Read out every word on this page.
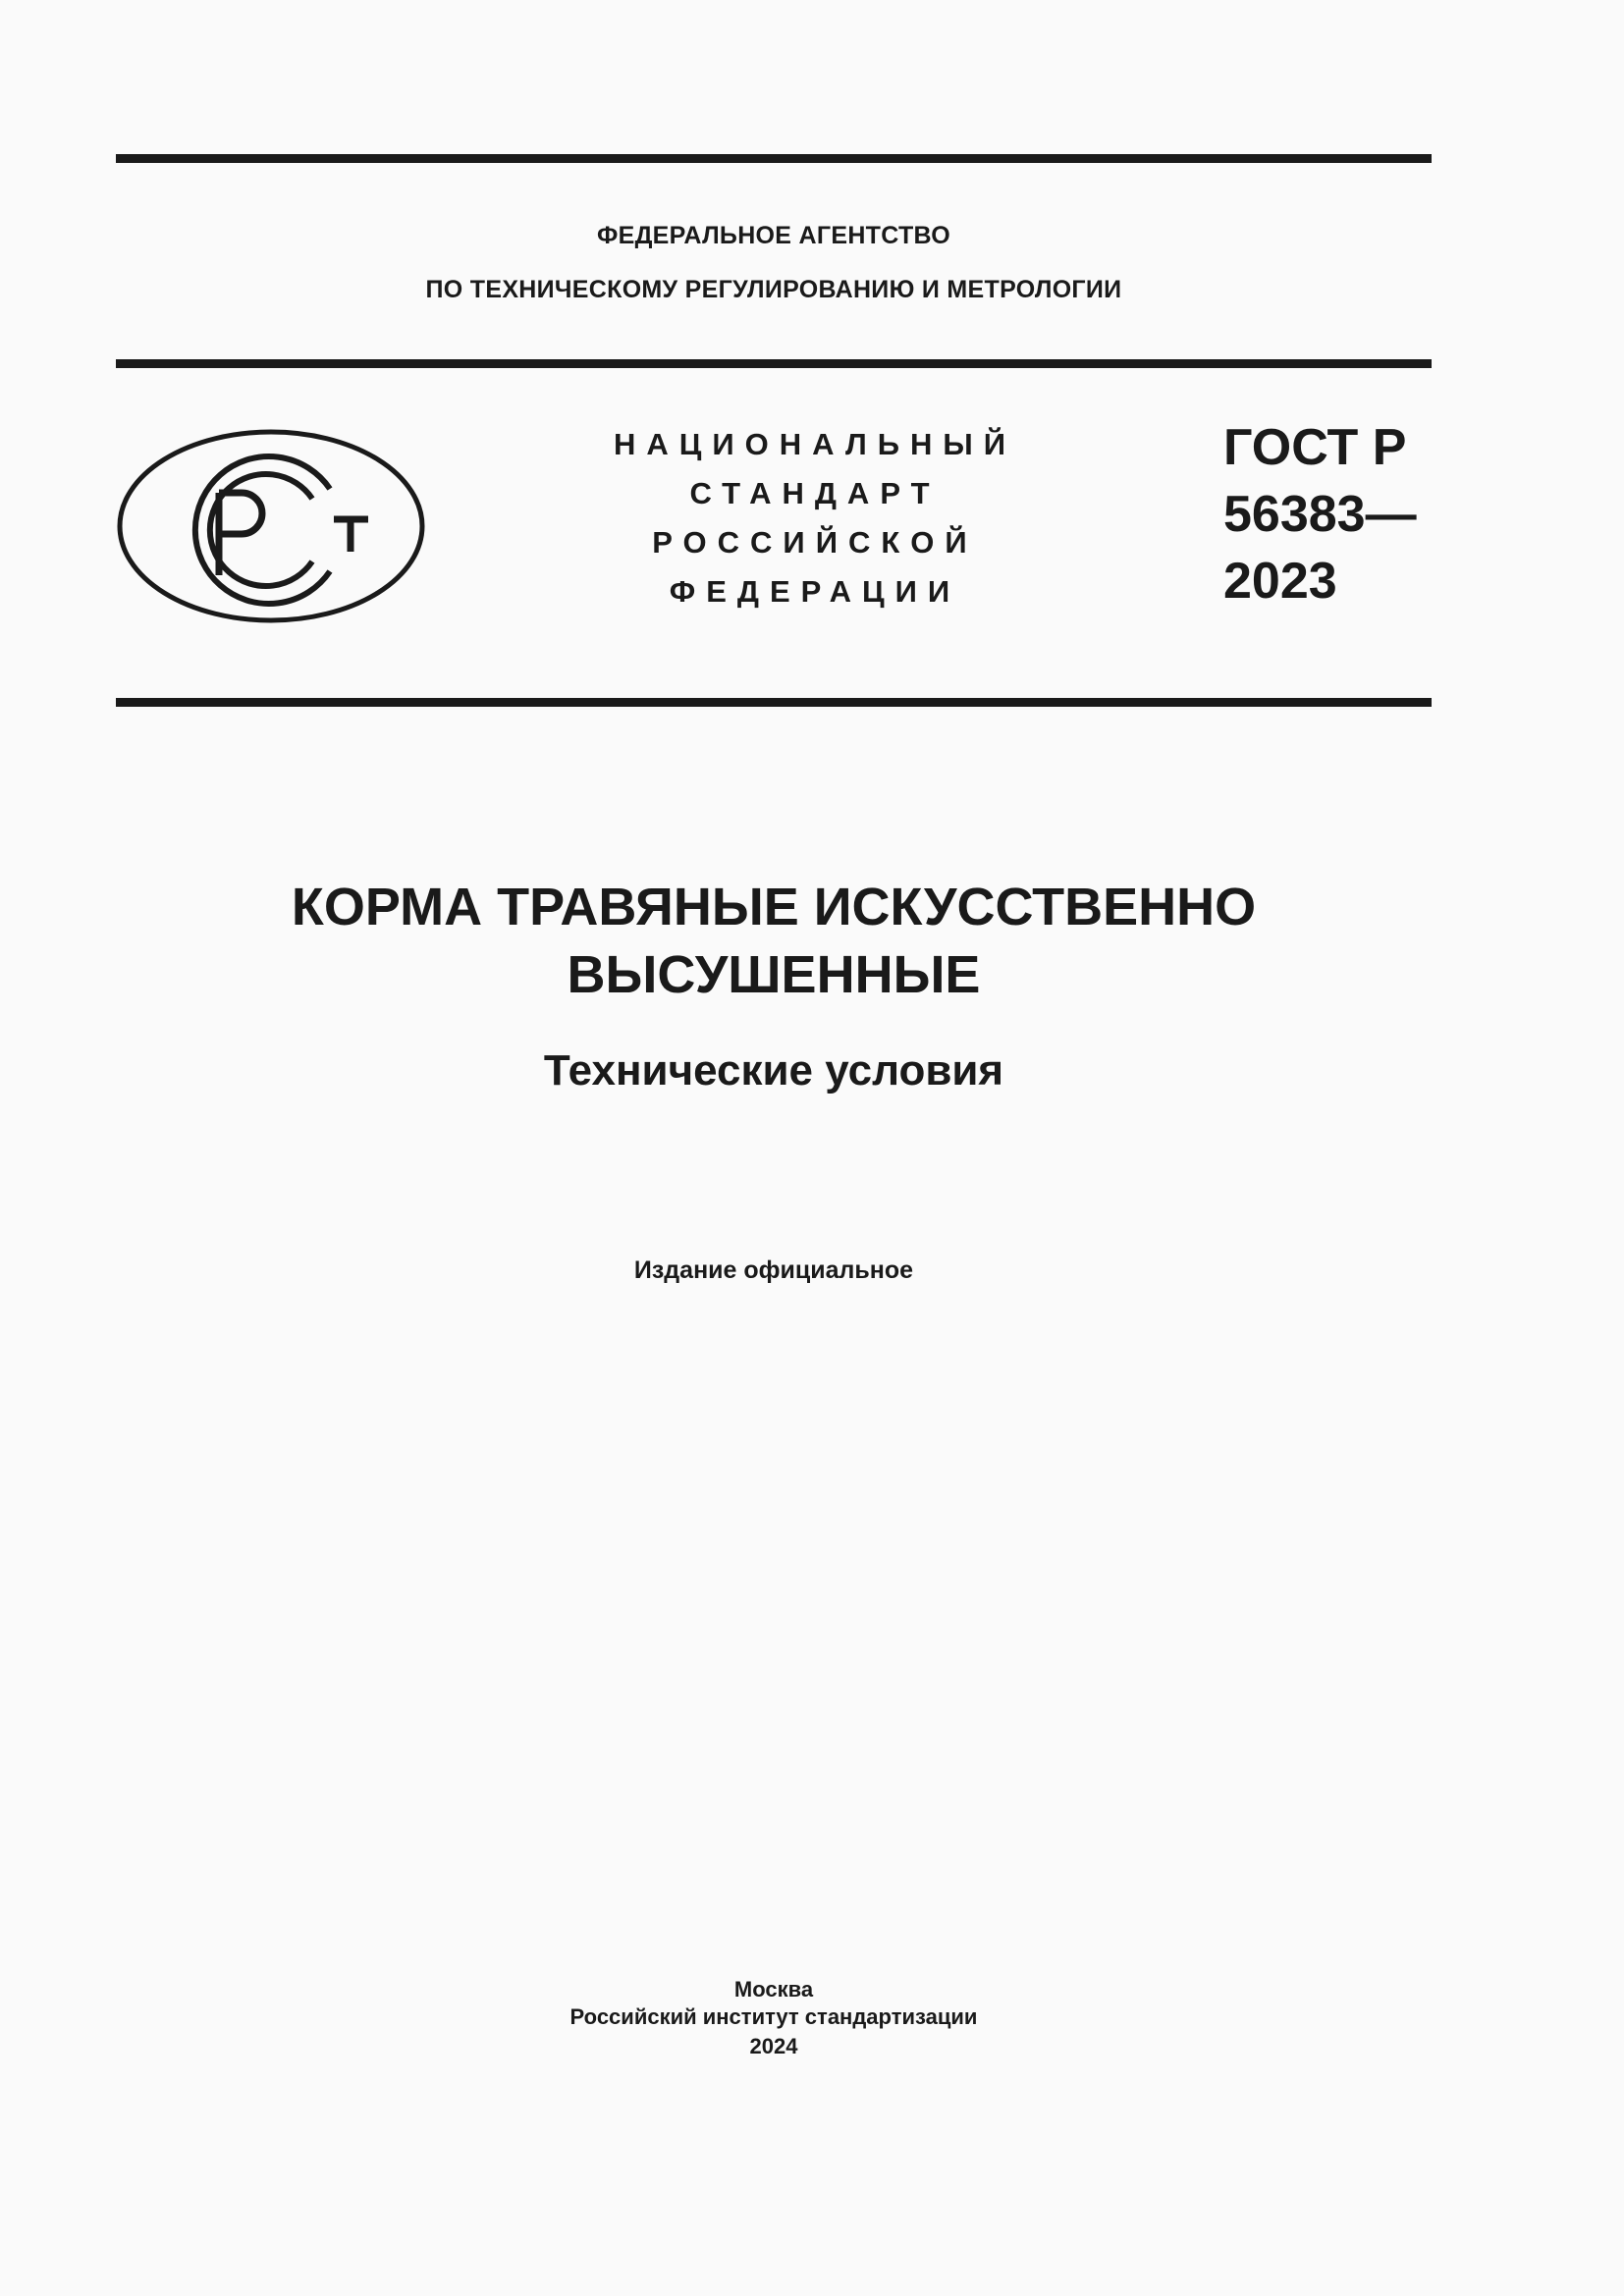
ФЕДЕРАЛЬНОЕ АГЕНТСТВО
ПО ТЕХНИЧЕСКОМУ РЕГУЛИРОВАНИЮ И МЕТРОЛОГИИ
НАЦИОНАЛЬНЫЙ
СТАНДАРТ
РОССИЙСКОЙ
ФЕДЕРАЦИИ
ГОСТ Р
56383—
2023
КОРМА ТРАВЯНЫЕ ИСКУССТВЕННО
ВЫСУШЕННЫЕ
Технические условия
Издание официальное
Москва
Российский институт стандартизации
2024
